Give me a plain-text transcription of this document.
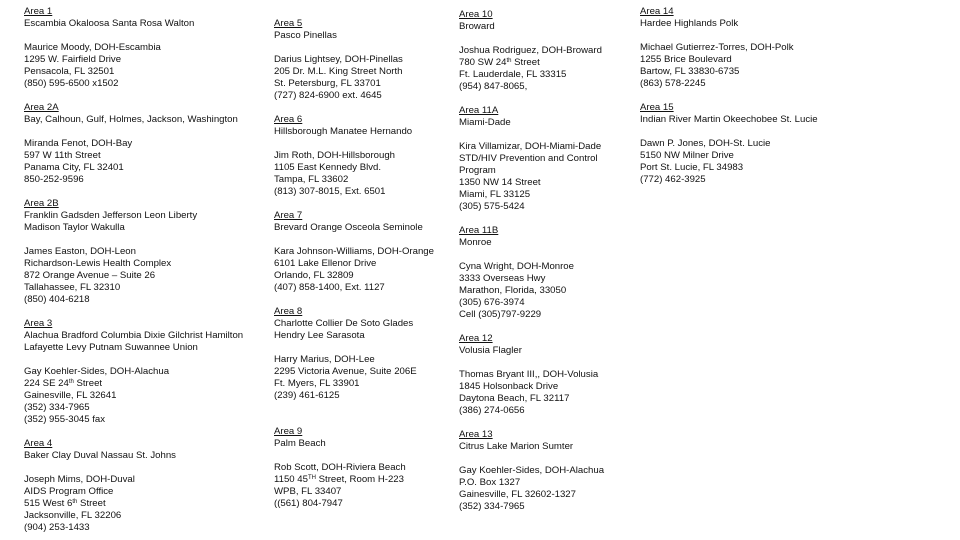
Area 1
Escambia Okaloosa Santa Rosa Walton
Maurice Moody, DOH-Escambia
1295 W. Fairfield Drive
Pensacola, FL 32501
(850) 595-6500 x1502
Area 2A
Bay, Calhoun, Gulf, Holmes, Jackson, Washington
Miranda Fenot, DOH-Bay
597 W 11th Street
Panama City, FL 32401
850-252-9596
Area 2B
Franklin Gadsden Jefferson Leon Liberty
Madison Taylor Wakulla
James Easton, DOH-Leon
Richardson-Lewis Health Complex
872 Orange Avenue – Suite 26
Tallahassee, FL 32310
(850) 404-6218
Area 3
Alachua Bradford Columbia Dixie Gilchrist Hamilton
Lafayette Levy Putnam Suwannee Union
Gay Koehler-Sides, DOH-Alachua
224 SE 24th Street
Gainesville, FL 32641
(352) 334-7965
(352) 955-3045 fax
Area 4
Baker Clay Duval Nassau St. Johns
Joseph Mims, DOH-Duval
AIDS Program Office
515 West 6th Street
Jacksonville, FL 32206
(904) 253-1433
Area 5
Pasco Pinellas
Darius Lightsey, DOH-Pinellas
205 Dr. M.L. King Street North
St. Petersburg, FL 33701
(727) 824-6900 ext. 4645
Area 6
Hillsborough Manatee Hernando
Jim Roth, DOH-Hillsborough
1105 East Kennedy Blvd.
Tampa, FL 33602
(813) 307-8015, Ext. 6501
Area 7
Brevard Orange Osceola Seminole
Kara Johnson-Williams, DOH-Orange
6101 Lake Ellenor Drive
Orlando, FL 32809
(407) 858-1400, Ext. 1127
Area 8
Charlotte Collier De Soto Glades
Hendry Lee Sarasota
Harry Marius, DOH-Lee
2295 Victoria Avenue, Suite 206E
Ft. Myers, FL 33901
(239) 461-6125
Area 9
Palm Beach
Rob Scott, DOH-Riviera Beach
1150 45TH Street, Room H-223
WPB, FL 33407
((561) 804-7947
Area 10
Broward
Joshua Rodriguez, DOH-Broward
780 SW 24th Street
Ft. Lauderdale, FL 33315
(954) 847-8065,
Area 11A
Miami-Dade
Kira Villamizar, DOH-Miami-Dade
STD/HIV Prevention and Control
Program
1350 NW 14 Street
Miami, FL 33125
(305) 575-5424
Area 11B
Monroe
Cyna Wright, DOH-Monroe
3333 Overseas Hwy
Marathon, Florida, 33050
(305) 676-3974
Cell (305)797-9229
Area 12
Volusia Flagler
Thomas Bryant III,, DOH-Volusia
1845 Holsonback Drive
Daytona Beach, FL 32117
(386) 274-0656
Area 13
Citrus Lake Marion Sumter
Gay Koehler-Sides, DOH-Alachua
P.O. Box 1327
Gainesville, FL 32602-1327
(352) 334-7965
Area 14
Hardee Highlands Polk
Michael Gutierrez-Torres, DOH-Polk
1255 Brice Boulevard
Bartow, FL 33830-6735
(863) 578-2245
Area 15
Indian River Martin Okeechobee St. Lucie
Dawn P. Jones, DOH-St. Lucie
5150 NW Milner Drive
Port St. Lucie, FL 34983
(772) 462-3925
